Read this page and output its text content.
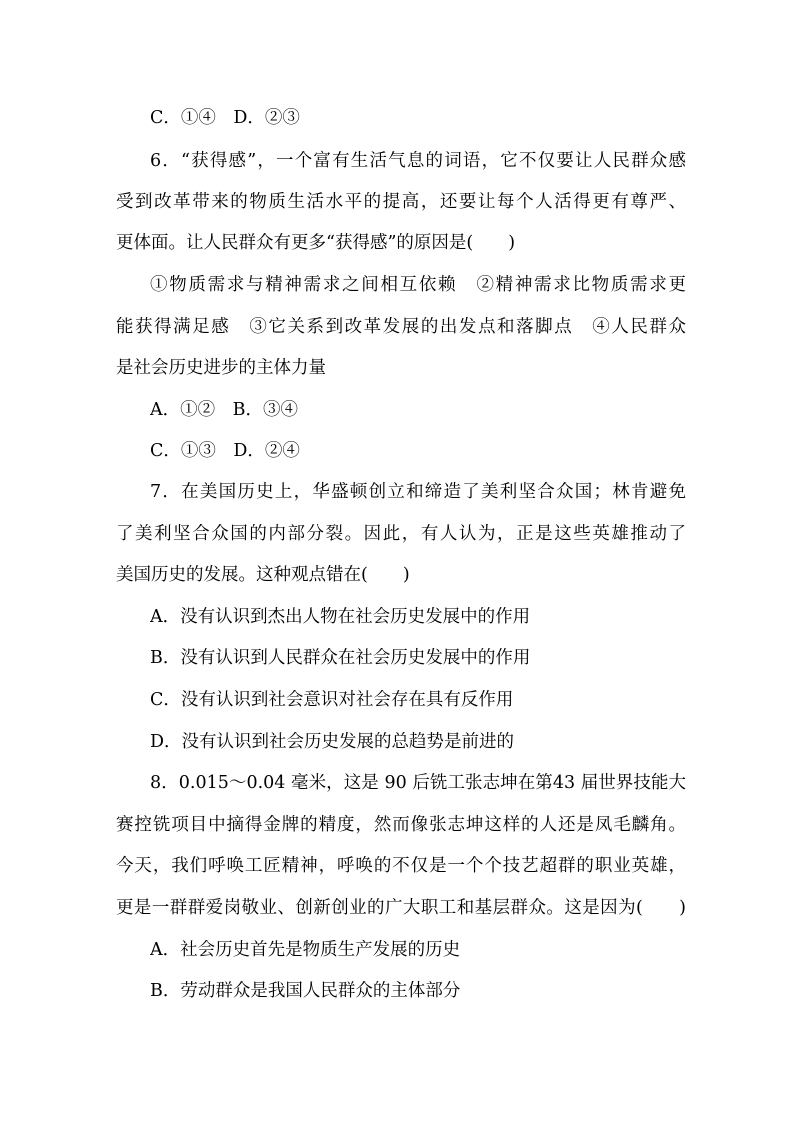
C．①④　D．②③
6．“获得感”，一个富有生活气息的词语，它不仅要让人民群众感
受到改革带来的物质生活水平的提高，还要让每个人活得更有尊严、
更体面。让人民群众有更多“获得感”的原因是(　　)
①物质需求与精神需求之间相互依赖　②精神需求比物质需求更
能获得满足感　③它关系到改革发展的出发点和落脚点　④人民群众
是社会历史进步的主体力量
A．①②　B．③④
C．①③　D．②④
7．在美国历史上，华盛顿创立和缔造了美利坚合众国；林肯避免
了美利坚合众国的内部分裂。因此，有人认为，正是这些英雄推动了
美国历史的发展。这种观点错在(　　)
A．没有认识到杰出人物在社会历史发展中的作用
B．没有认识到人民群众在社会历史发展中的作用
C．没有认识到社会意识对社会存在具有反作用
D．没有认识到社会历史发展的总趋势是前进的
8．0.015～0.04 毫米，这是 90 后铣工张志坤在第43 届世界技能大
赛控铣项目中摘得金牌的精度，然而像张志坤这样的人还是凤毛麟角。
今天，我们呼唤工匠精神，呼唤的不仅是一个个技艺超群的职业英雄，
更是一群群爱岗敬业、创新创业的广大职工和基层群众。这是因为(　　)
A．社会历史首先是物质生产发展的历史
B．劳动群众是我国人民群众的主体部分
